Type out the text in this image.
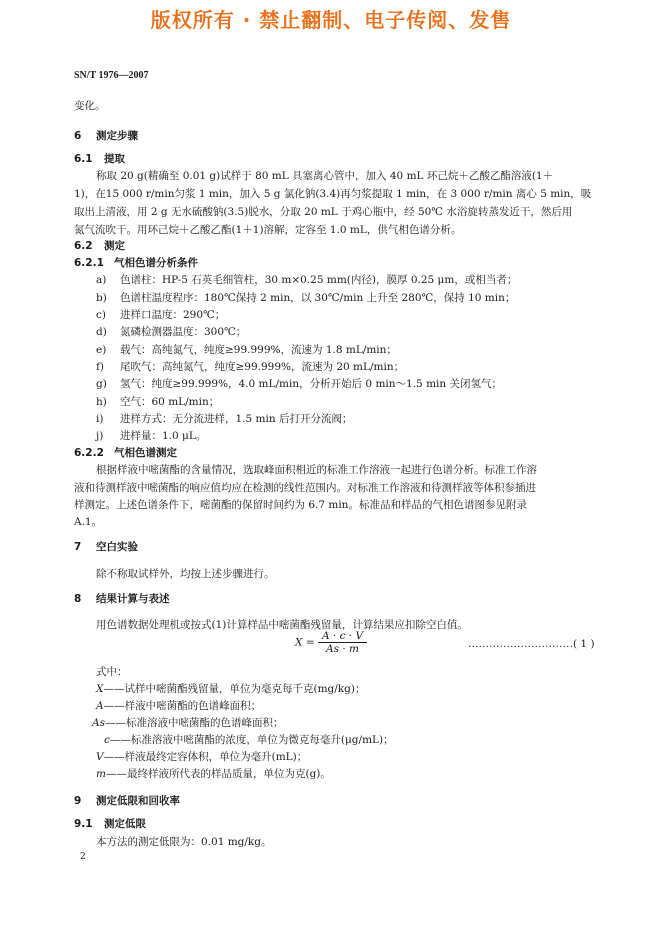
版权所有 · 禁止翻制、电子传阅、发售
SN/T 1976—2007
变化。
6 测定步骤
6.1 提取
称取 20 g(精确至 0.01 g)试样于 80 mL 具塞离心管中，加入 40 mL 环己烷＋乙酸乙酯溶液(1＋
1)，在15 000 r/min匀浆 1 min，加入 5 g 氯化钠(3.4)再匀浆提取 1 min，在 3 000 r/min 离心 5 min，吸
取出上清液，用 2 g 无水硫酸钠(3.5)脱水，分取 20 mL 于鸡心瓶中，经 50℃ 水浴旋转蒸发近干，然后用
氮气流吹干。用环己烷＋乙酸乙酯(1＋1)溶解，定容至 1.0 mL，供气相色谱分析。
6.2 测定
6.2.1 气相色谱分析条件
a) 色谱柱：HP-5 石英毛细管柱，30 m×0.25 mm(内径)，膜厚 0.25 μm，或相当者；
b) 色谱柱温度程序：180℃保持 2 min，以 30℃/min 上升至 280℃，保持 10 min；
c) 进样口温度：290℃；
d) 氮磷检测器温度：300℃；
e) 载气：高纯氮气，纯度≥99.999%，流速为 1.8 mL/min；
f) 尾吹气：高纯氮气，纯度≥99.999%，流速为 20 mL/min；
g) 氢气：纯度≥99.999%，4.0 mL/min，分析开始后 0 min～1.5 min 关闭氢气；
h) 空气：60 mL/min；
i) 进样方式：无分流进样，1.5 min 后打开分流阀；
j) 进样量：1.0 μL。
6.2.2 气相色谱测定
根据样液中嘧菌酯的含量情况，选取峰面积相近的标准工作溶液一起进行色谱分析。标准工作溶
液和待测样液中嘧菌酯的响应值均应在检测的线性范围内。对标准工作溶液和待测样液等体积参插进
样测定。上述色谱条件下，嘧菌酯的保留时间约为 6.7 min。标准品和样品的气相色谱图参见附录
A.1。
7 空白实验
除不称取试样外，均按上述步骤进行。
8 结果计算与表述
用色谱数据处理机或按式(1)计算样品中嘧菌酯残留量，计算结果应扣除空白值。
$X = \frac{A \cdot c \cdot V}{As \cdot m}$	…………………………( 1 )
式中：
X——试样中嘧菌酯残留量，单位为毫克每千克(mg/kg)；
A——样液中嘧菌酯的色谱峰面积；
As——标准溶液中嘧菌酯的色谱峰面积；
c——标准溶液中嘧菌酯的浓度，单位为微克每毫升(μg/mL)；
V——样液最终定容体积，单位为毫升(mL)；
m——最终样液所代表的样品质量，单位为克(g)。
9 测定低限和回收率
9.1 测定低限
本方法的测定低限为：0.01 mg/kg。
2
